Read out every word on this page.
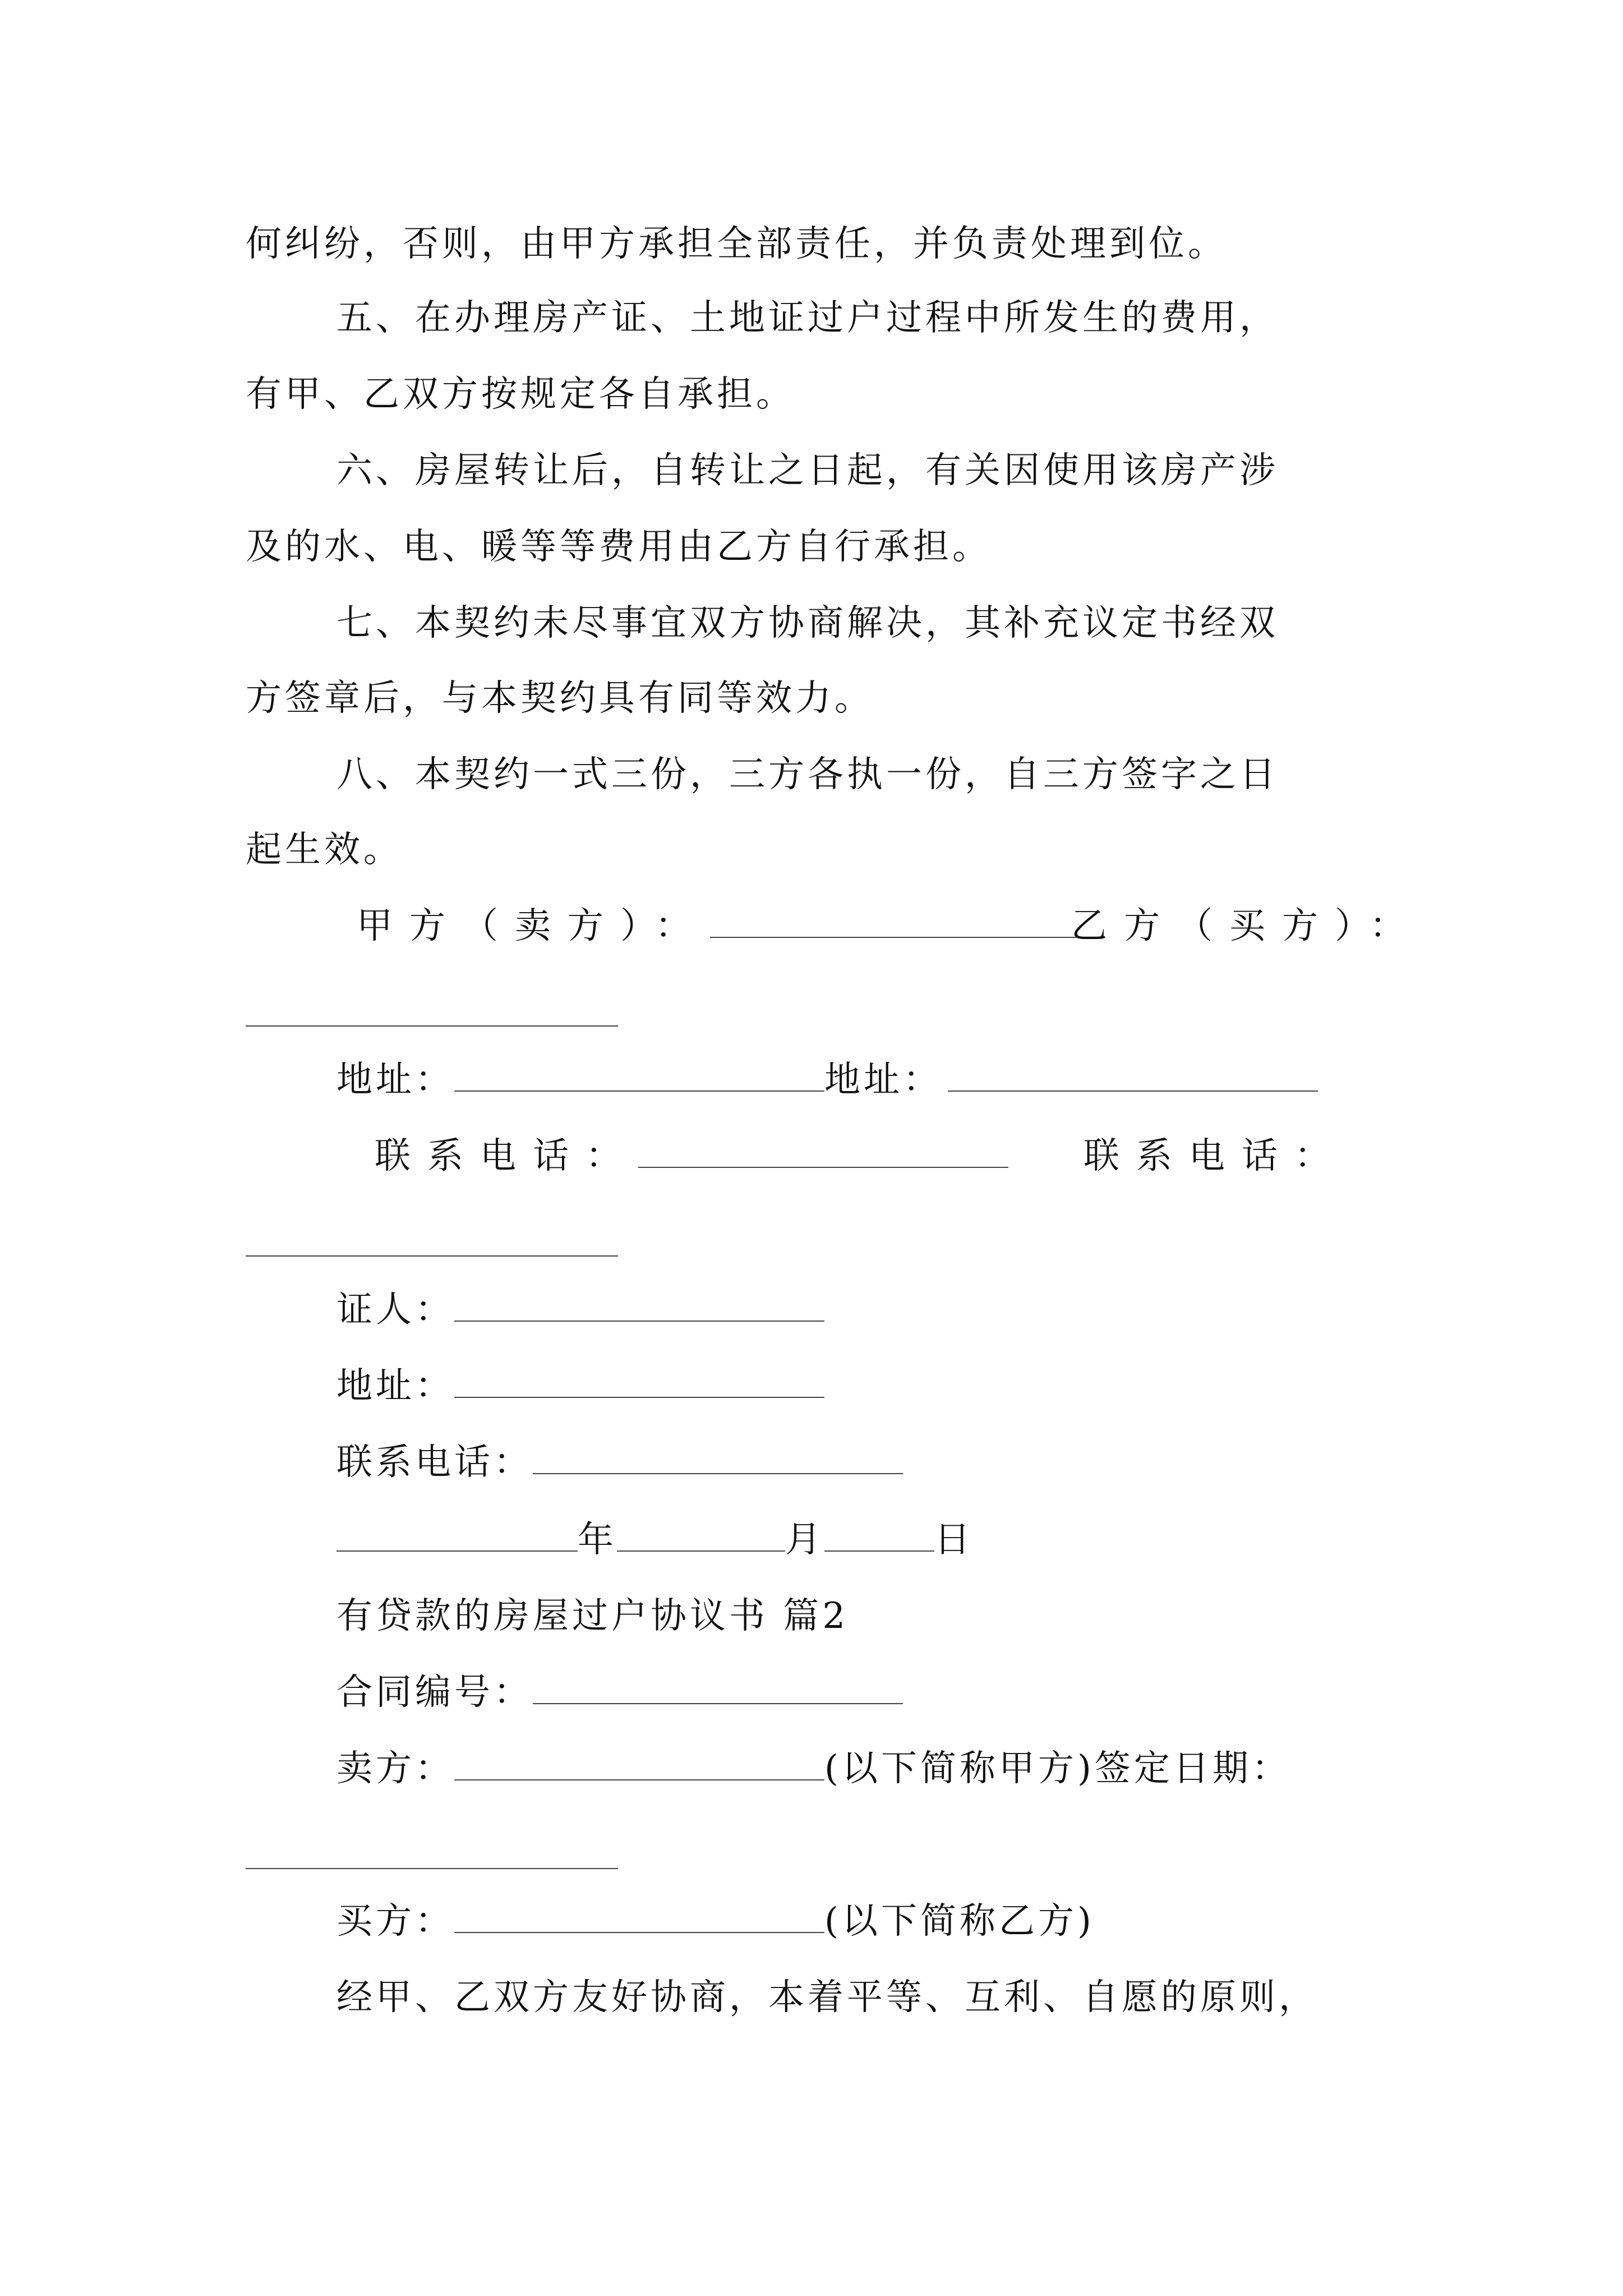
何纠纷，否则，由甲方承担全部责任，并负责处理到位。
五、在办理房产证、土地证过户过程中所发生的费用，
有甲、乙双方按规定各自承担。
六、房屋转让后，自转让之日起，有关因使用该房产涉
及的水、电、暖等等费用由乙方自行承担。
七、本契约未尽事宜双方协商解决，其补充议定书经双
方签章后，与本契约具有同等效力。
八、本契约一式三份，三方各执一份，自三方签字之日
起生效。
甲方（卖方）：	乙方（买方）：
地址：	地址：
联系电话：	联系电话：
证人：
地址：
联系电话：
年	月	日
有贷款的房屋过户协议书 篇2
合同编号：
卖方：	(以下简称甲方)签定日期：
买方：	(以下简称乙方)
经甲、乙双方友好协商，本着平等、互利、自愿的原则，
